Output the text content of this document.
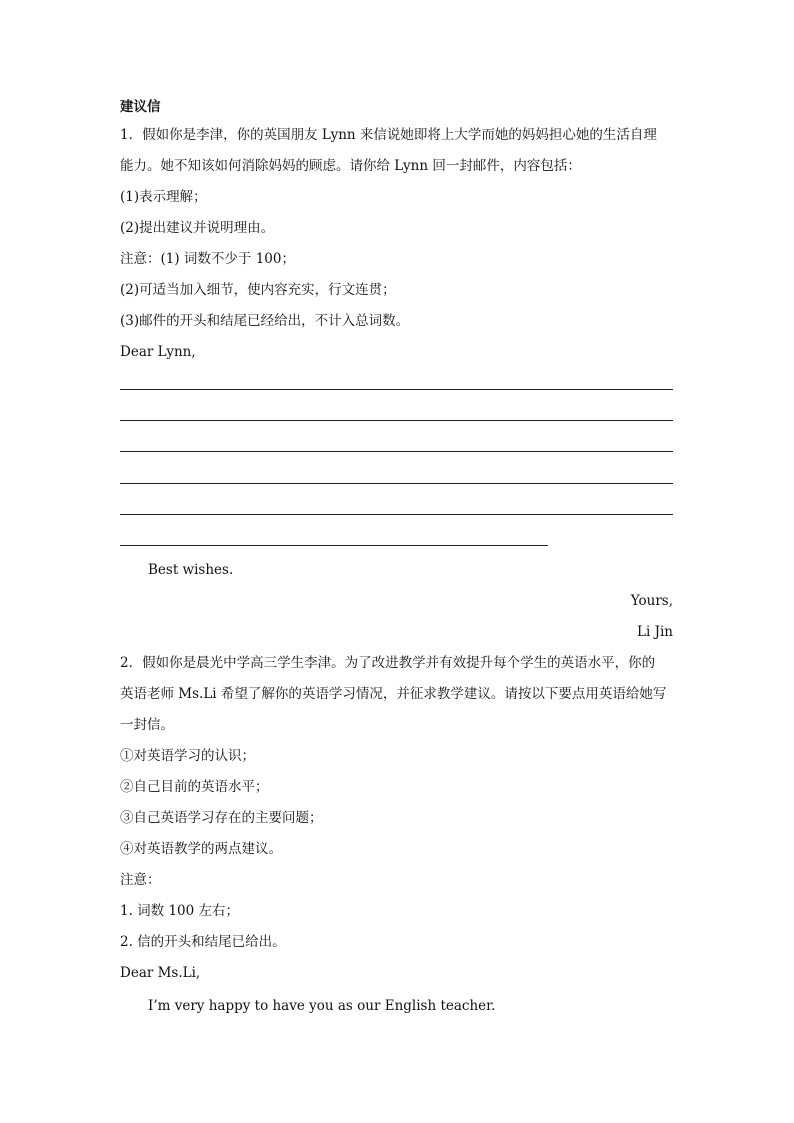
建议信
1．假如你是李津，你的英国朋友 Lynn 来信说她即将上大学而她的妈妈担心她的生活自理
能力。她不知该如何消除妈妈的顾虑。请你给 Lynn 回一封邮件，内容包括：
(1)表示理解；
(2)提出建议并说明理由。
注意：(1) 词数不少于 100；
(2)可适当加入细节，使内容充实，行文连贯；
(3)邮件的开头和结尾已经给出，不计入总词数。
Dear Lynn,
Best wishes.
Yours,
Li Jin
2．假如你是晨光中学高三学生李津。为了改进教学并有效提升每个学生的英语水平，你的
英语老师 Ms.Li 希望了解你的英语学习情况，并征求教学建议。请按以下要点用英语给她写
一封信。
①对英语学习的认识；
②自己目前的英语水平；
③自己英语学习存在的主要问题；
④对英语教学的两点建议。
注意：
1. 词数 100 左右；
2. 信的开头和结尾已给出。
Dear Ms.Li,
I’m very happy to have you as our English teacher.
